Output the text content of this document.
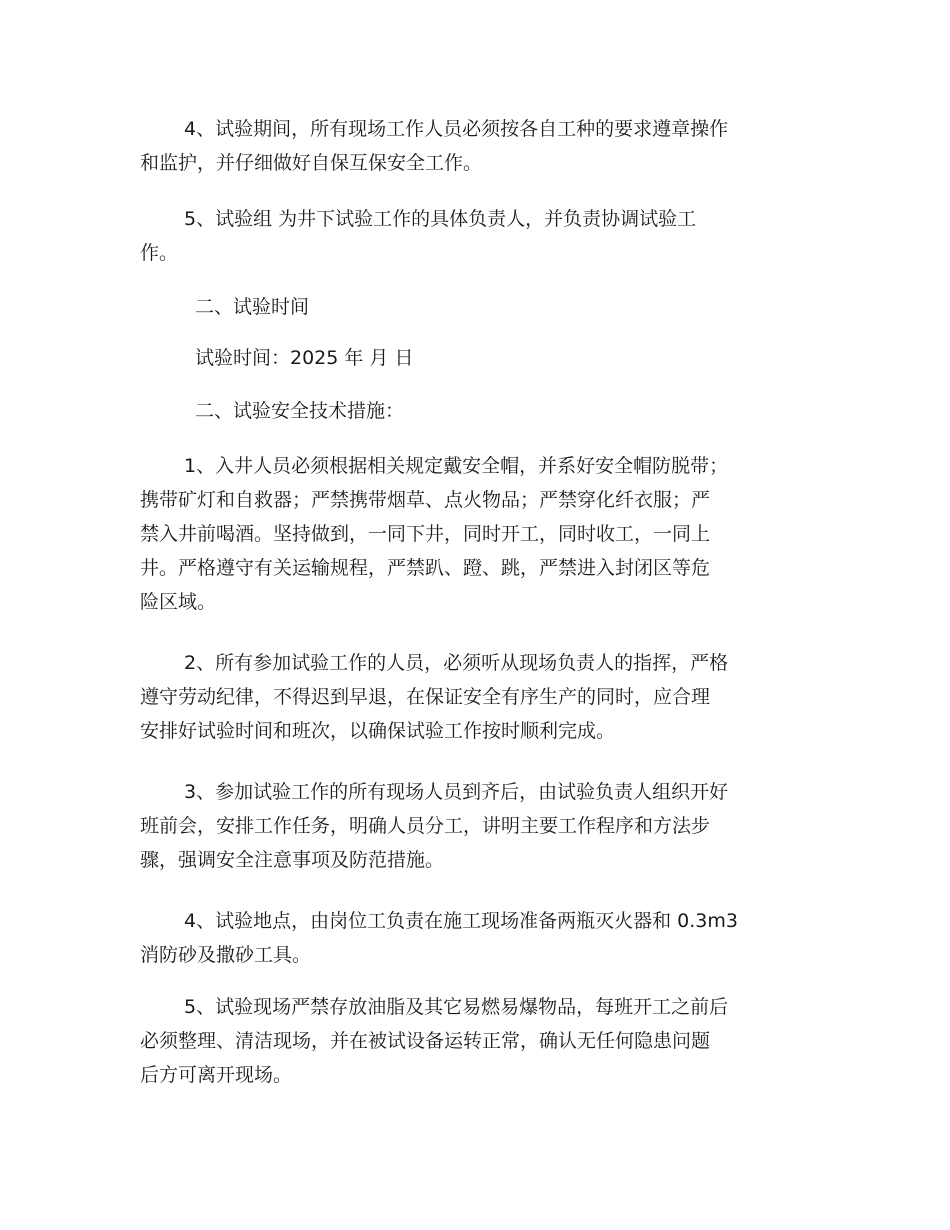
4、试验期间，所有现场工作人员必须按各自工种的要求遵章操作
和监护，并仔细做好自保互保安全工作。
5、试验组 为井下试验工作的具体负责人，并负责协调试验工
作。

二、试验时间

试验时间：2025 年 月 日

二、试验安全技术措施：

1、入井人员必须根据相关规定戴安全帽，并系好安全帽防脱带；
携带矿灯和自救器；严禁携带烟草、点火物品；严禁穿化纤衣服；严
禁入井前喝酒。坚持做到，一同下井，同时开工，同时收工，一同上
井。严格遵守有关运输规程，严禁趴、蹬、跳，严禁进入封闭区等危
险区域。
2、所有参加试验工作的人员，必须听从现场负责人的指挥，严格
遵守劳动纪律，不得迟到早退，在保证安全有序生产的同时，应合理
安排好试验时间和班次，以确保试验工作按时顺利完成。
3、参加试验工作的所有现场人员到齐后，由试验负责人组织开好
班前会，安排工作任务，明确人员分工，讲明主要工作程序和方法步
骤，强调安全注意事项及防范措施。
4、试验地点，由岗位工负责在施工现场准备两瓶灭火器和 0.3m3
消防砂及撒砂工具。
5、试验现场严禁存放油脂及其它易燃易爆物品，每班开工之前后
必须整理、清洁现场，并在被试设备运转正常，确认无任何隐患问题
后方可离开现场。
